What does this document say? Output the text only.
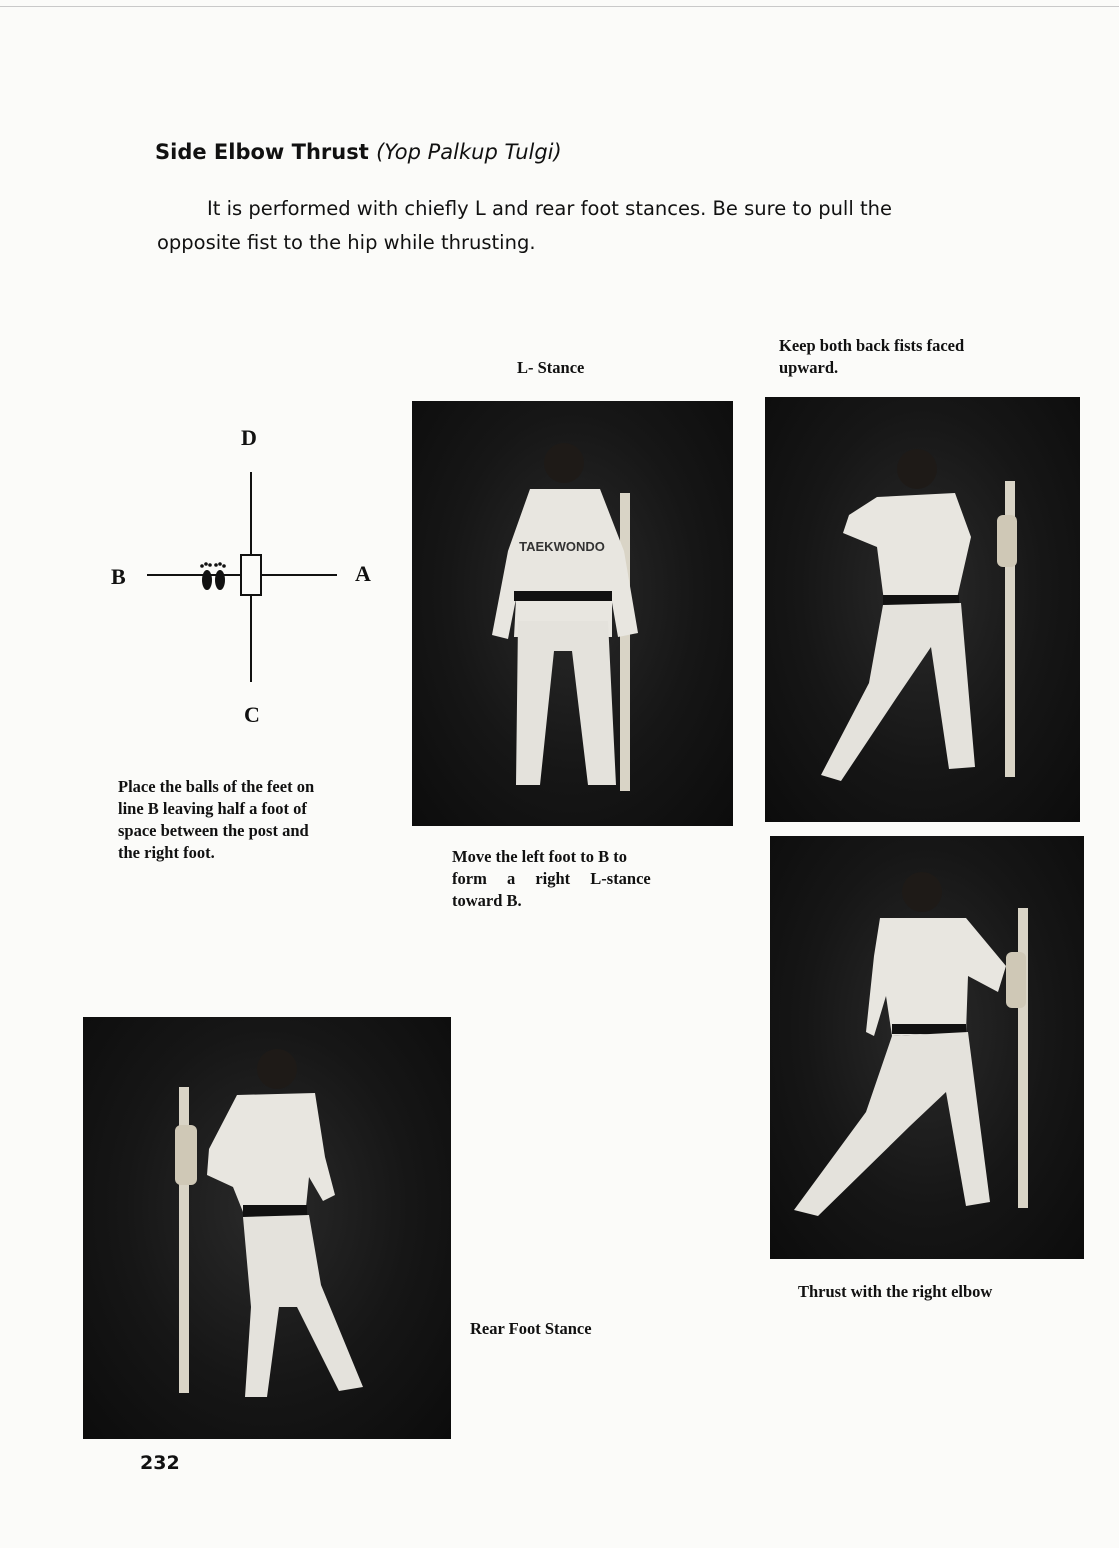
Side Elbow Thrust (Yop Palkup Tulgi)
It is performed with chiefly L and rear foot stances. Be sure to pull the
opposite fist to the hip while thrusting.
D
B	A
C
Place the balls of the feet on
line B leaving half a foot of
space between the post and
the right foot.
L- Stance
TAEKWONDO
Move the left foot to B to
form a right L-stance
toward B.
Keep both back fists faced
upward.
Thrust with the right elbow
Rear Foot Stance
232
